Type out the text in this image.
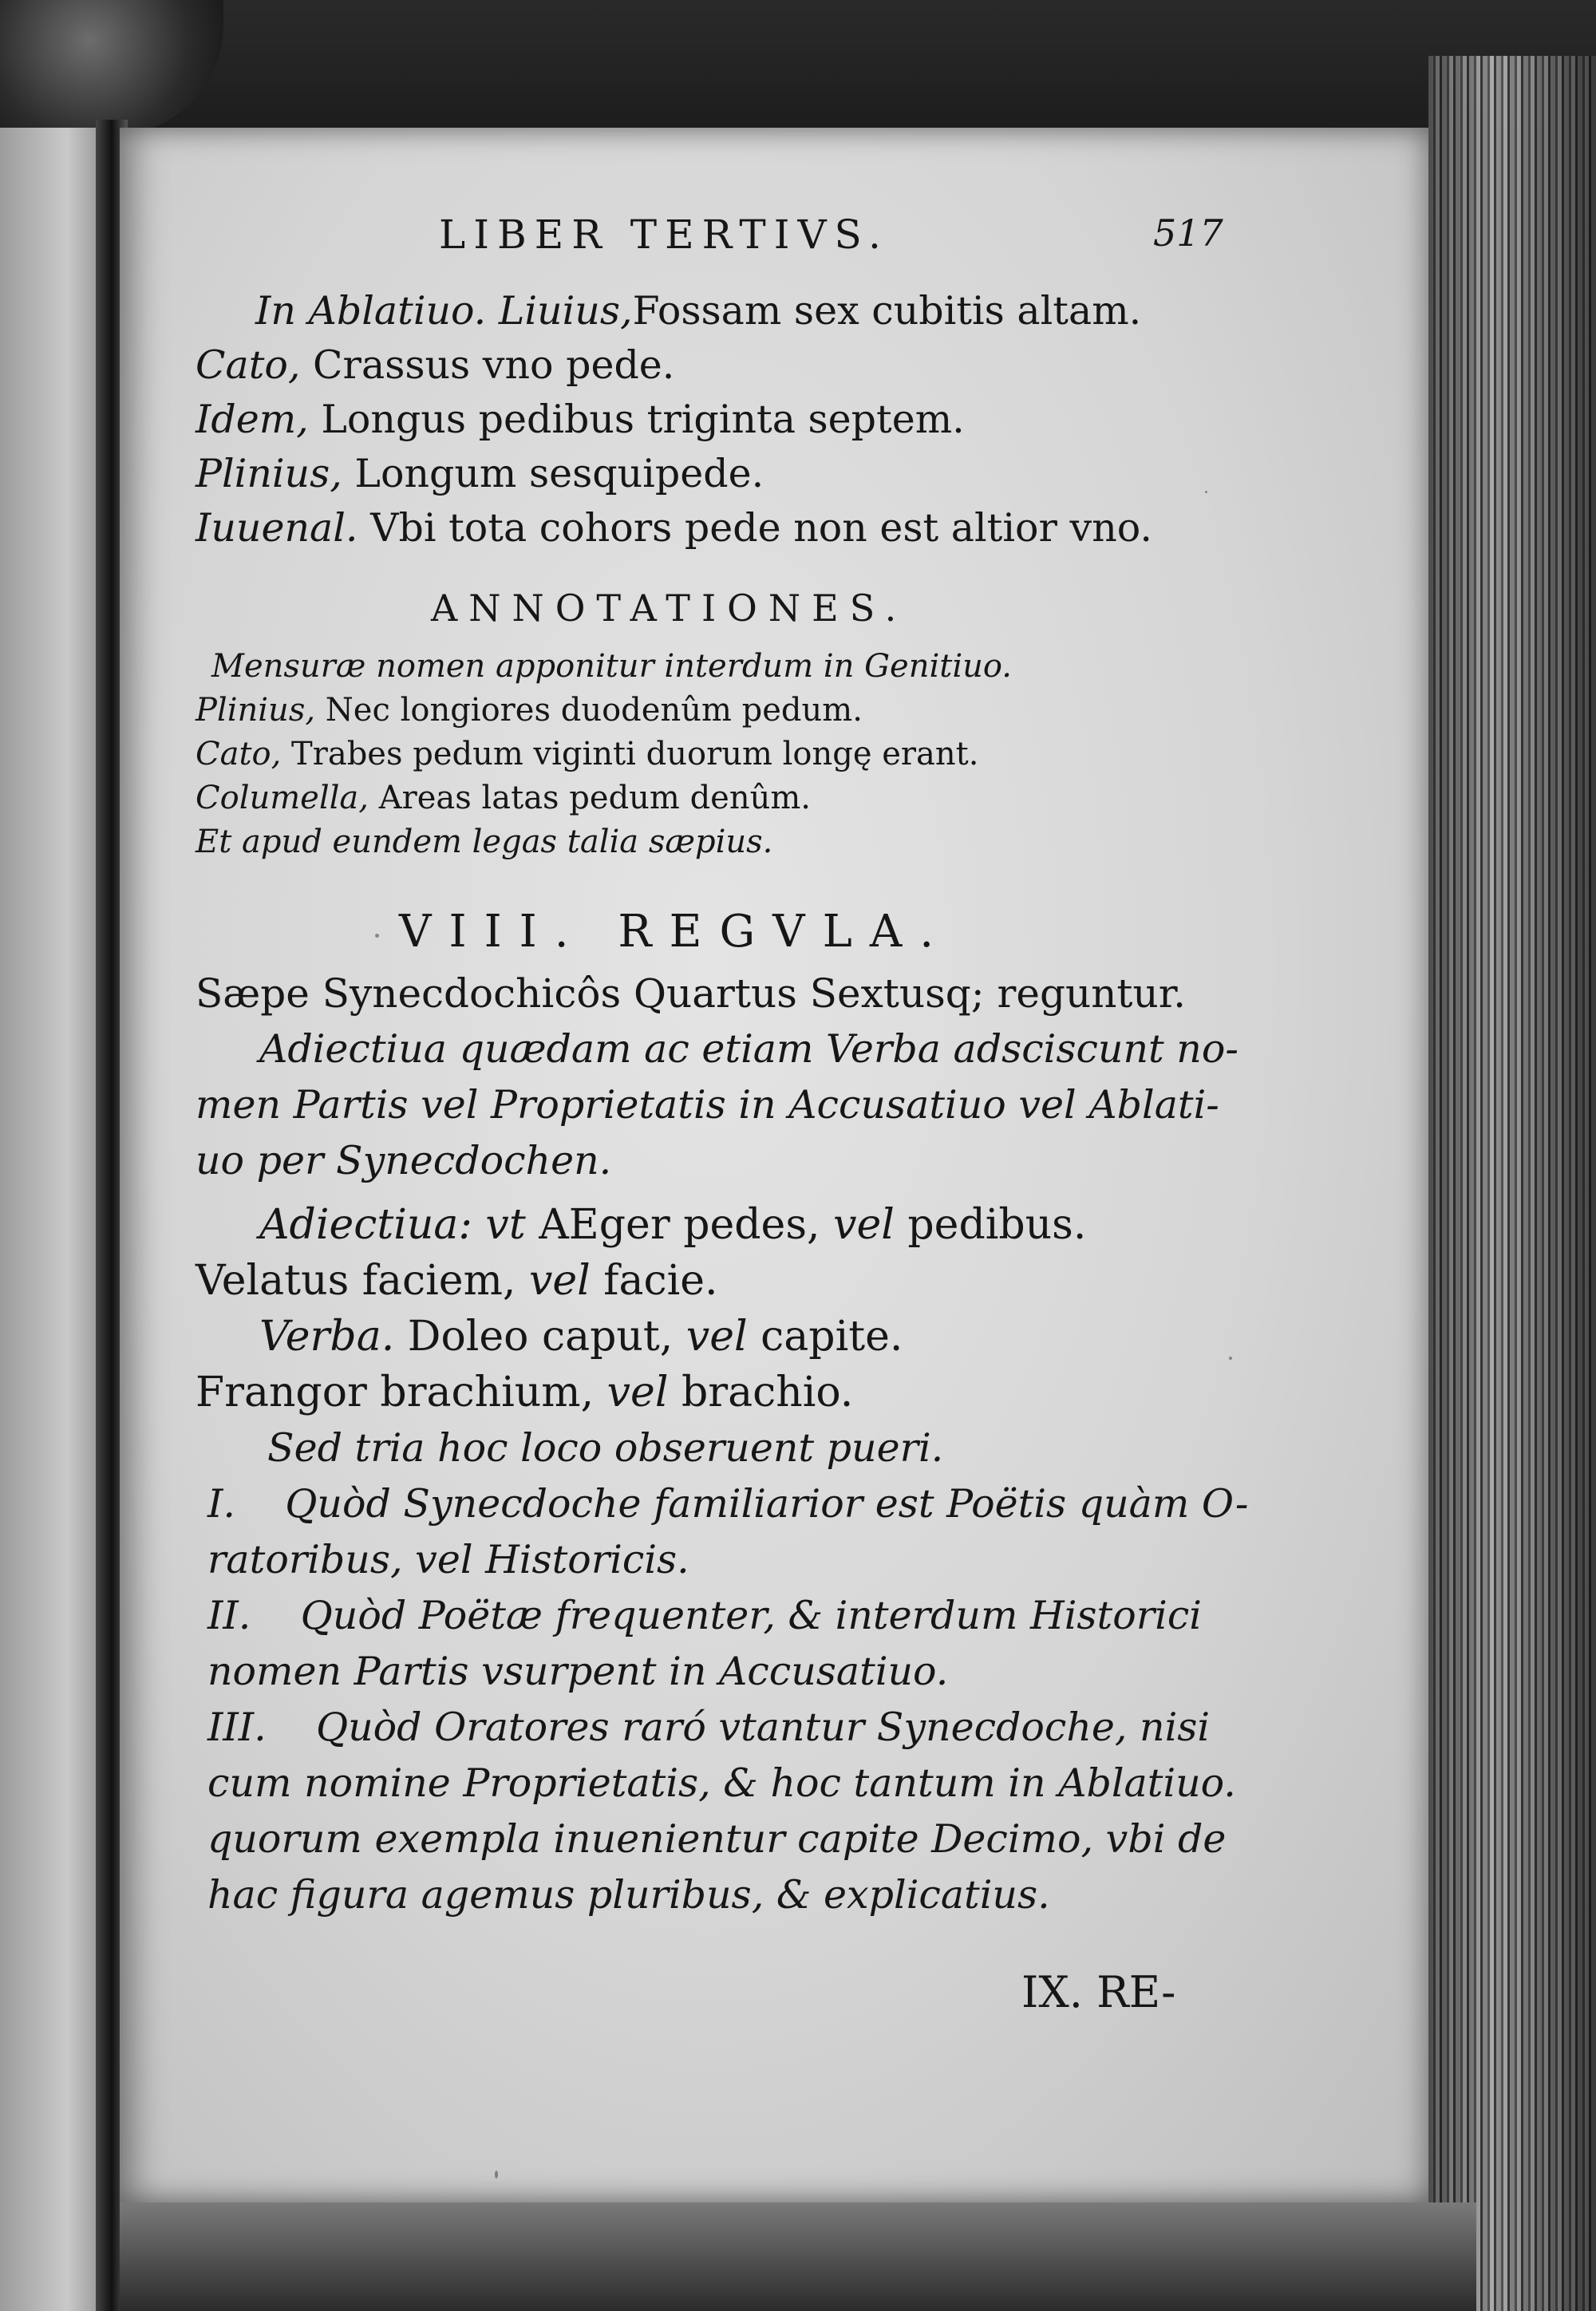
LIBER TERTIVS.	517
In Ablatiuo. Liuius,Fossam sex cubitis altam.
Cato, Crassus vno pede.
Idem, Longus pedibus triginta septem.
Plinius, Longum sesquipede.
Iuuenal. Vbi tota cohors pede non est altior vno.
ANNOTATIONES.
Mensuræ nomen apponitur interdum in Genitiuo.
Plinius, Nec longiores duodenûm pedum.
Cato, Trabes pedum viginti duorum longę erant.
Columella, Areas latas pedum denûm.
Et apud eundem legas talia sæpius.
VIII. REGVLA.
Sæpe Synecdochicôs Quartus Sextusq; reguntur.
Adiectiua quædam ac etiam Verba adsciscunt no-
men Partis vel Proprietatis in Accusatiuo vel Ablati-
uo per Synecdochen.
Adiectiua: vt AEger pedes, vel pedibus.
Velatus faciem, vel facie.
Verba. Doleo caput, vel capite.
Frangor brachium, vel brachio.
Sed tria hoc loco obseruent pueri.
I.    Quòd Synecdoche familiarior est Poëtis quàm O-
ratoribus, vel Historicis.
II.    Quòd Poëtæ frequenter, & interdum Historici
nomen Partis vsurpent in Accusatiuo.
III.    Quòd Oratores raró vtantur Synecdoche, nisi
cum nomine Proprietatis, & hoc tantum in Ablatiuo.
quorum exempla inuenientur capite Decimo, vbi de
hac figura agemus pluribus, & explicatius.
IX. RE-
